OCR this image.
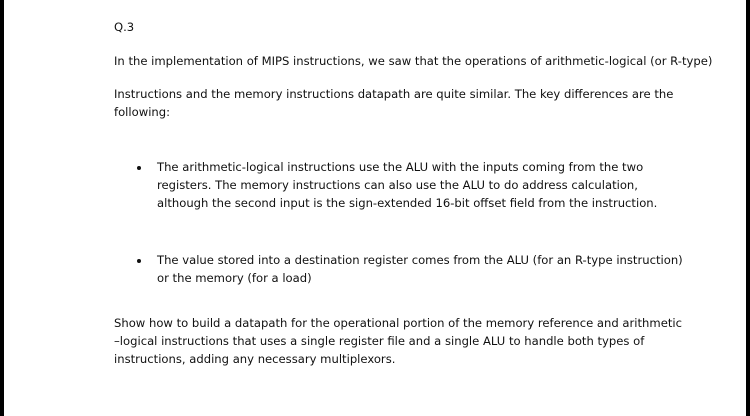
Q.3

In the implementation of MIPS instructions, we saw that the operations of arithmetic-logical (or R-type)

Instructions and the memory instructions datapath are quite similar. The key differences are the following:

The arithmetic-logical instructions use the ALU with the inputs coming from the two registers. The memory instructions can also use the ALU to do address calculation, although the second input is the sign-extended 16-bit offset field from the instruction.
The value stored into a destination register comes from the ALU (for an R-type instruction) or the memory (for a load)

Show how to build a datapath for the operational portion of the memory reference and arithmetic –logical instructions that uses a single register file and a single ALU to handle both types of instructions, adding any necessary multiplexors.
